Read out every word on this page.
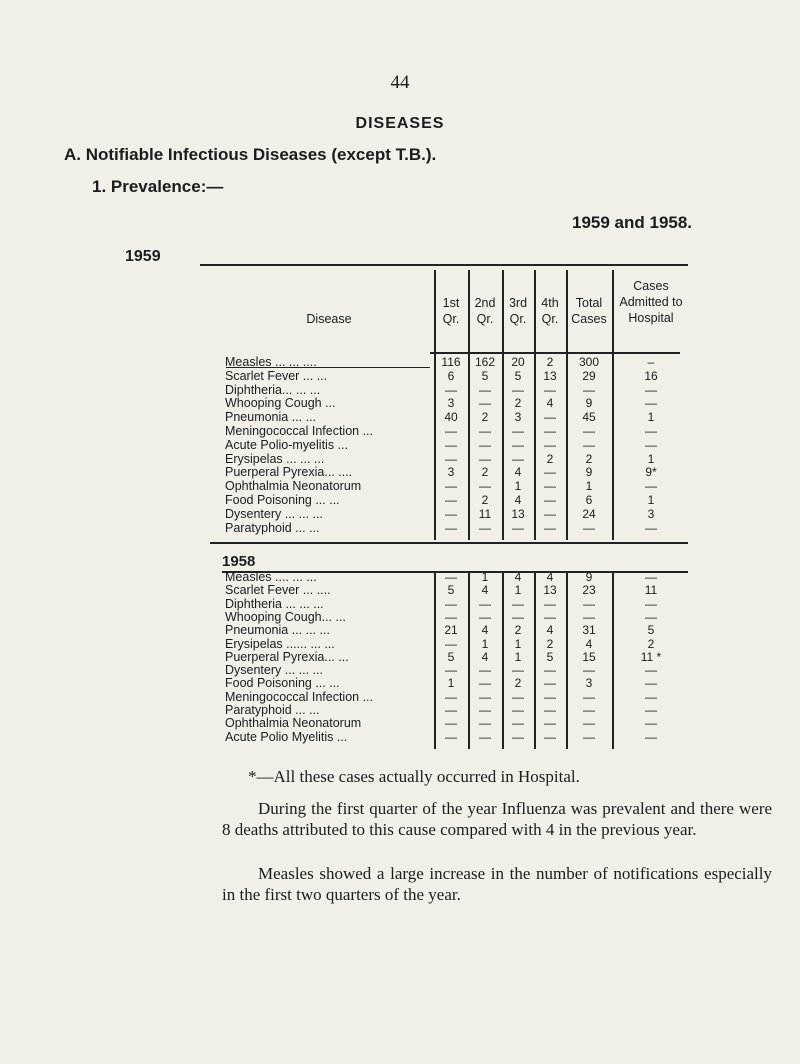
44
DISEASES
A. Notifiable Infectious Diseases (except T.B.).
1. Prevalence:—
1959 and 1958.
1959
Disease
1st Qr.
2nd Qr.
3rd Qr.
4th Qr.
Total Cases
Cases Admitted to Hospital
1958
Measles ... ... ....	116	162	20	2	300	–
Scarlet Fever ... ...	6	5	5	13	29	16
Diphtheria... ... ...	—	—	—	—	—	—
Whooping Cough ...	3	—	2	4	9	—
Pneumonia ... ...	40	2	3	—	45	1
Meningococcal Infection ...	—	—	—	—	—	—
Acute Polio-myelitis ...	—	—	—	—	—	—
Erysipelas ... ... ...	—	—	—	2	2	1
Puerperal Pyrexia... ....	3	2	4	—	9	9*
Ophthalmia Neonatorum	—	—	1	—	1	—
Food Poisoning ... ...	—	2	4	—	6	1
Dysentery ... ... ...	—	11	13	—	24	3
Paratyphoid ... ...	—	—	—	—	—	—
Measles .... ... ...	—	1	4	4	9	—
Scarlet Fever ... ....	5	4	1	13	23	11
Diphtheria ... ... ...	—	—	—	—	—	—
Whooping Cough... ...	—	—	—	—	—	—
Pneumonia ... ... ...	21	4	2	4	31	5
Erysipelas ...... ... ...	—	1	1	2	4	2
Puerperal Pyrexia... ...	5	4	1	5	15	11 *
Dysentery ... ... ...	—	—	—	—	—	—
Food Poisoning ... ...	1	—	2	—	3	—
Meningococcal Infection ...	—	—	—	—	—	—
Paratyphoid ... ...	—	—	—	—	—	—
Ophthalmia Neonatorum	—	—	—	—	—	—
Acute Polio Myelitis ...	—	—	—	—	—	—
*—All these cases actually occurred in Hospital.
During the first quarter of the year Influenza was prevalent and there were 8 deaths attributed to this cause compared with 4 in the previous year.
Measles showed a large increase in the number of notifications especially in the first two quarters of the year.
